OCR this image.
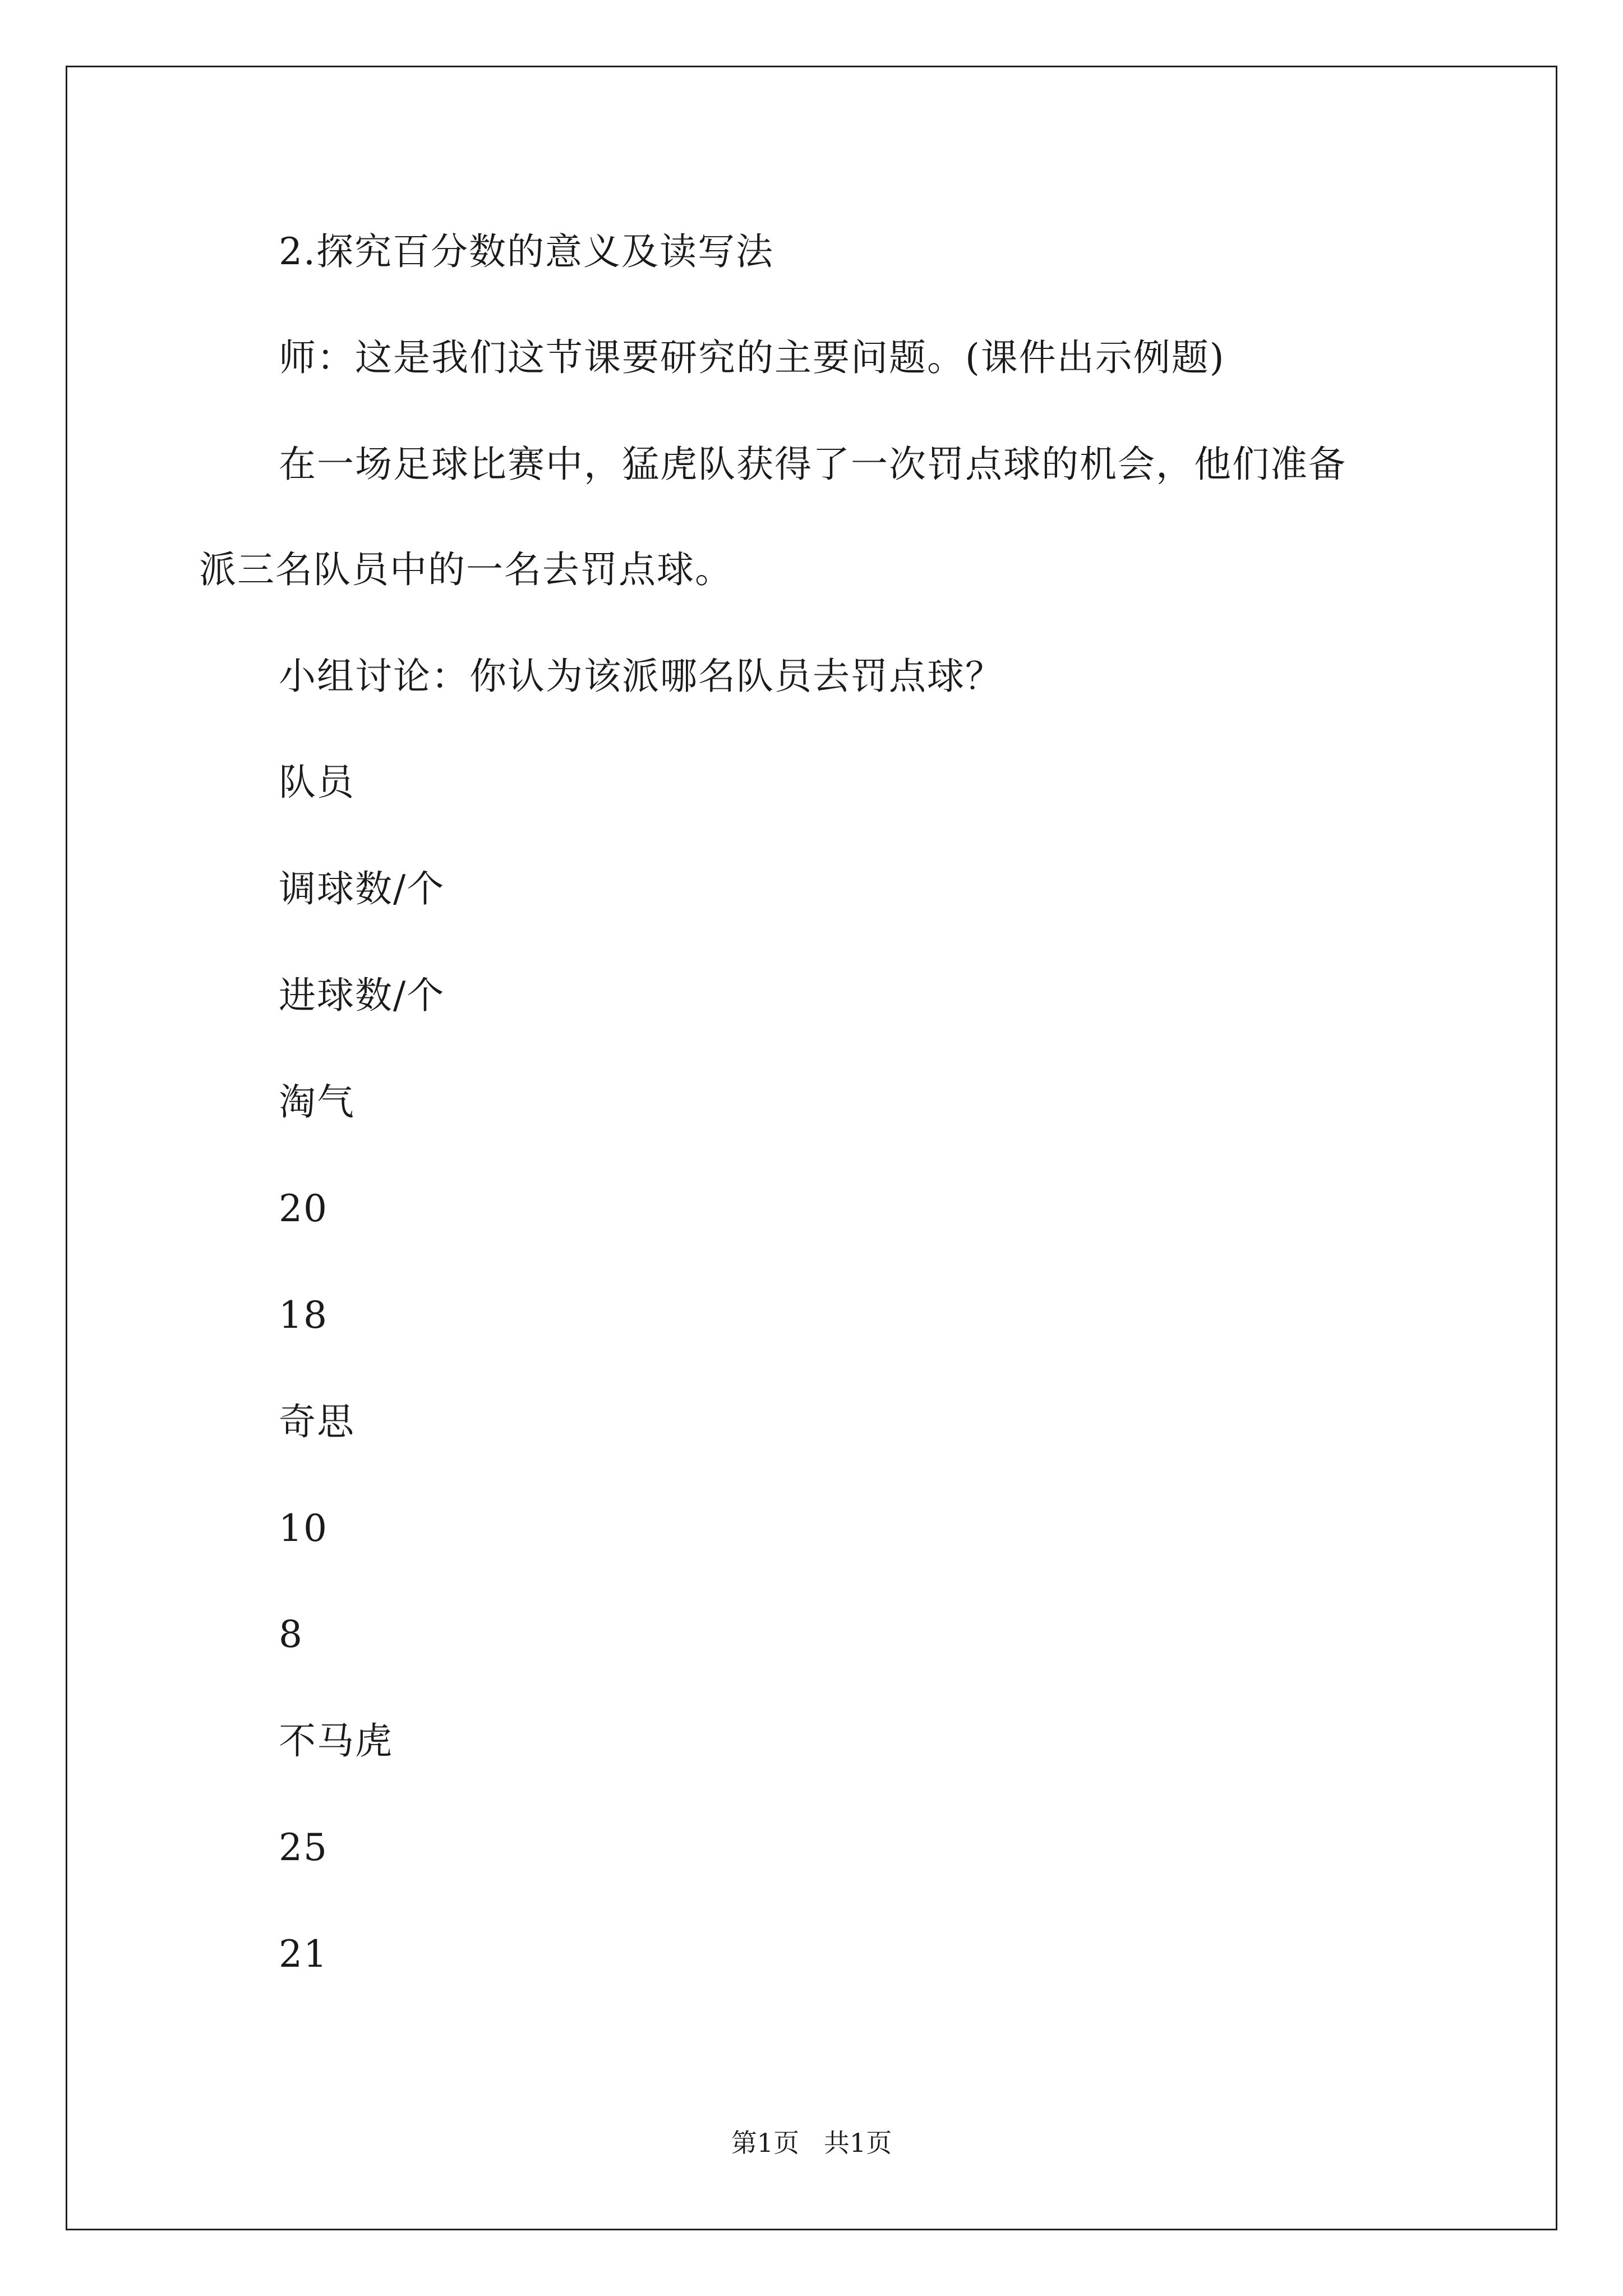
2.探究百分数的意义及读写法
师：这是我们这节课要研究的主要问题。(课件出示例题)
在一场足球比赛中，猛虎队获得了一次罚点球的机会，他们准备
派三名队员中的一名去罚点球。
小组讨论：你认为该派哪名队员去罚点球？
队员
调球数/个
进球数/个
淘气
20
18
奇思
10
8
不马虎
25
21
第1页   共1页
